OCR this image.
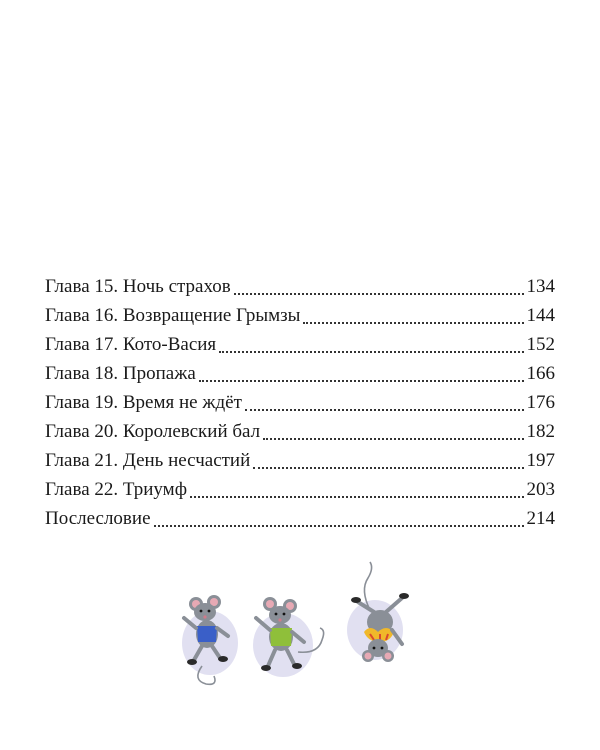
Глава 15. Ночь страхов	134
Глава 16. Возвращение Грымзы	144
Глава 17. Кото-Васия	152
Глава 18. Пропажа	166
Глава 19. Время не ждёт	176
Глава 20. Королевский бал	182
Глава 21. День несчастий	197
Глава 22. Триумф	203
Послесловие	214
